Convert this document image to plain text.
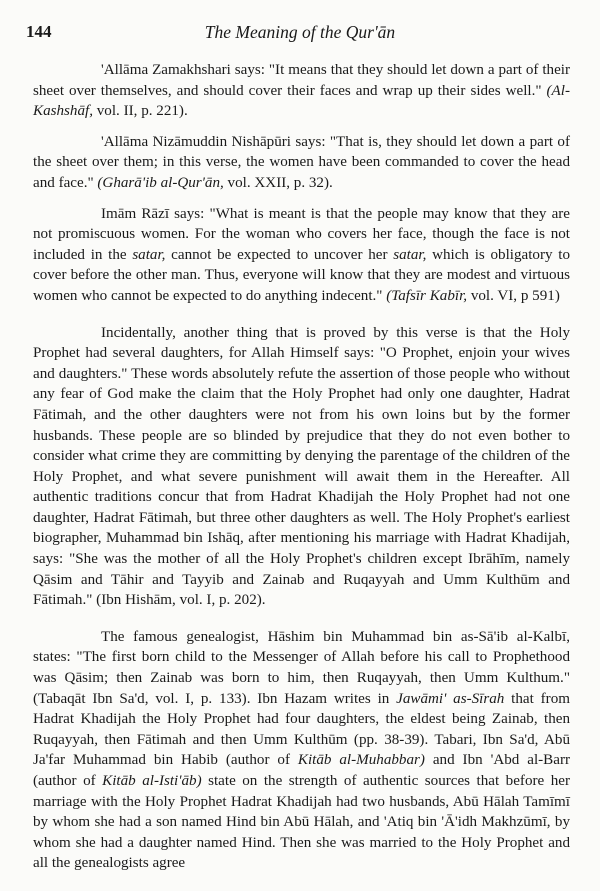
144	The Meaning of the Qur'ān

'Allāma Zamakhshari says: "It means that they should let down a part of their sheet over themselves, and should cover their faces and wrap up their sides well." (Al-Kashshāf, vol. II, p. 221).

'Allāma Nizāmuddin Nishāpūri says: "That is, they should let down a part of the sheet over them; in this verse, the women have been commanded to cover the head and face." (Gharā'ib al-Qur'ān, vol. XXII, p. 32).

Imām Rāzī says: "What is meant is that the people may know that they are not promiscuous women. For the woman who covers her face, though the face is not included in the satar, cannot be expected to uncover her satar, which is obligatory to cover before the other man. Thus, everyone will know that they are modest and virtuous women who cannot be expected to do anything indecent." (Tafsīr Kabīr, vol. VI, p 591)

Incidentally, another thing that is proved by this verse is that the Holy Prophet had several daughters, for Allah Himself says: "O Prophet, enjoin your wives and daughters." These words absolutely refute the assertion of those people who without any fear of God make the claim that the Holy Prophet had only one daughter, Hadrat Fātimah, and the other daughters were not from his own loins but by the former husbands. These people are so blinded by prejudice that they do not even bother to consider what crime they are committing by denying the parentage of the children of the Holy Prophet, and what severe punishment will await them in the Hereafter. All authentic traditions concur that from Hadrat Khadijah the Holy Prophet had not one daughter, Hadrat Fātimah, but three other daughters as well. The Holy Prophet's earliest biographer, Muhammad bin Ishāq, after mentioning his marriage with Hadrat Khadijah, says: "She was the mother of all the Holy Prophet's children except Ibrāhīm, namely Qāsim and Tāhir and Tayyib and Zainab and Ruqayyah and Umm Kulthūm and Fātimah." (Ibn Hishām, vol. I, p. 202).

The famous genealogist, Hāshim bin Muhammad bin as-Sā'ib al-Kalbī, states: "The first born child to the Messenger of Allah before his call to Prophethood was Qāsim; then Zainab was born to him, then Ruqayyah, then Umm Kulthum." (Tabaqāt Ibn Sa'd, vol. I, p. 133). Ibn Hazam writes in Jawāmi' as-Sīrah that from Hadrat Khadijah the Holy Prophet had four daughters, the eldest being Zainab, then Ruqayyah, then Fātimah and then Umm Kulthūm (pp. 38-39). Tabari, Ibn Sa'd, Abū Ja'far Muhammad bin Habib (author of Kitāb al-Muhabbar) and Ibn 'Abd al-Barr (author of Kitāb al-Isti'āb) state on the strength of authentic sources that before her marriage with the Holy Prophet Hadrat Khadijah had two husbands, Abū Hālah Tamīmī by whom she had a son named Hind bin Abū Hālah, and 'Atiq bin 'Ā'idh Makhzūmī, by whom she had a daughter named Hind. Then she was married to the Holy Prophet and all the genealogists agree
